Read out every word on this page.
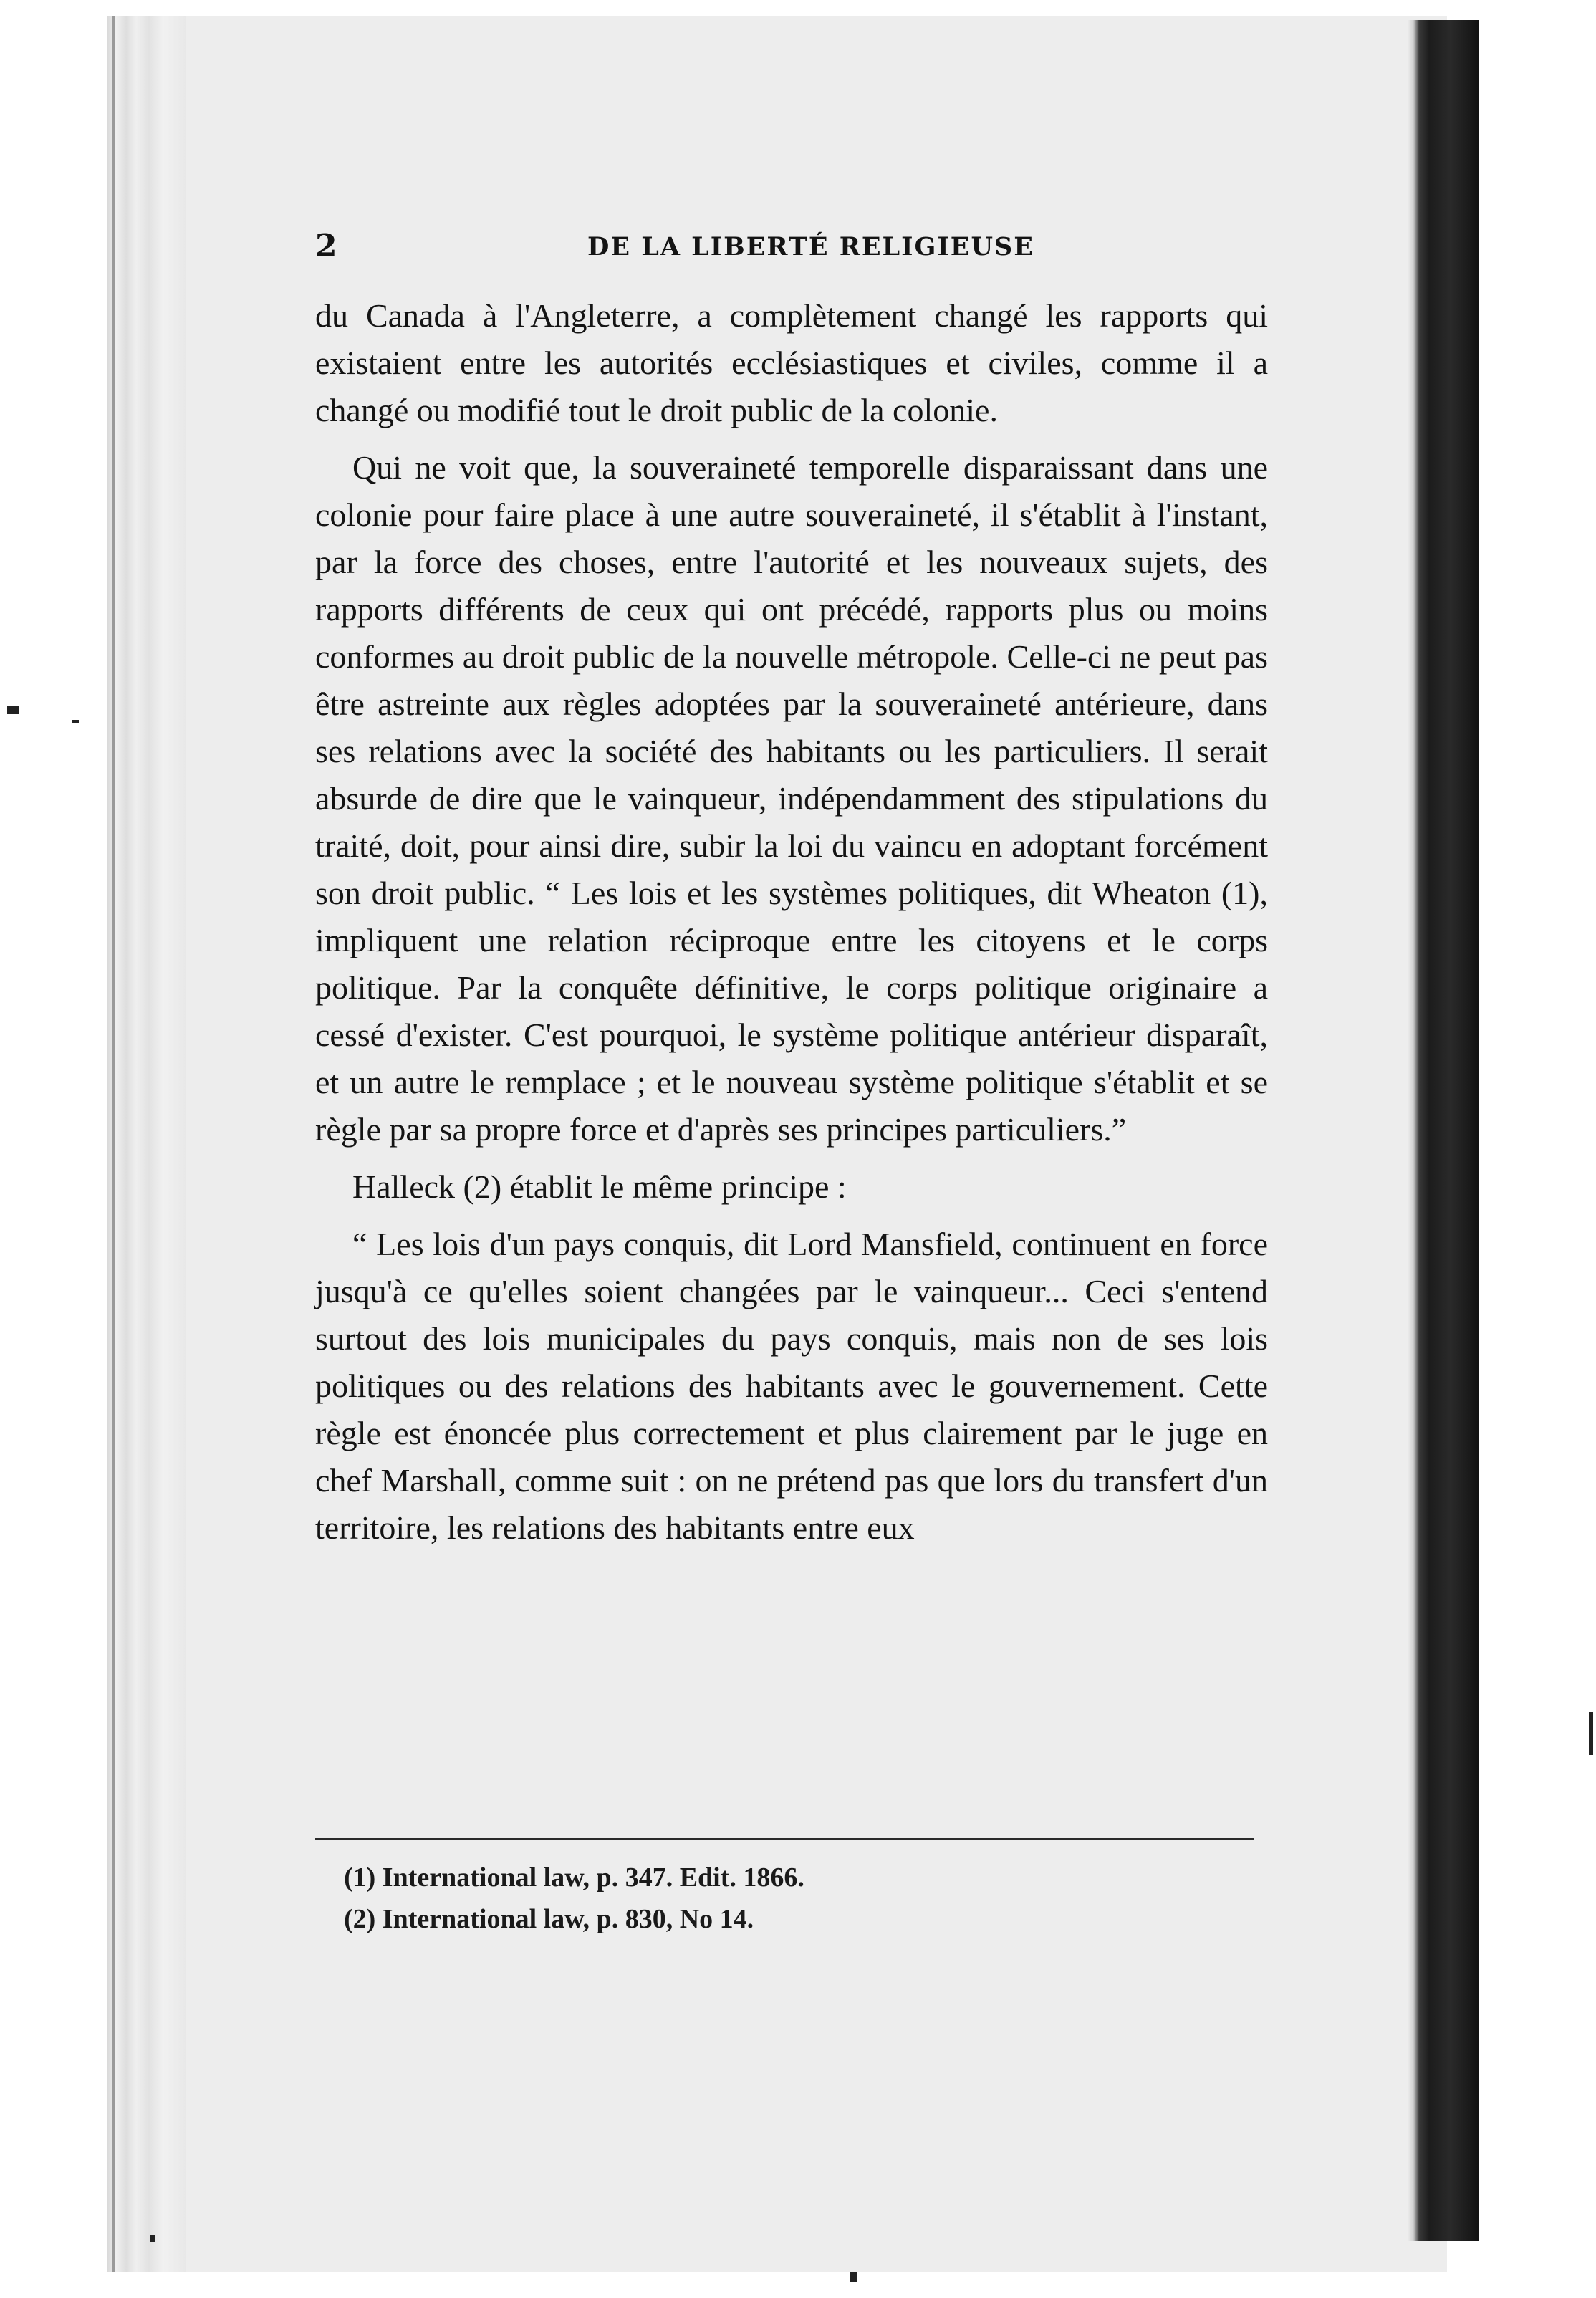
2	DE LA LIBERTÉ RELIGIEUSE

du Canada à l'Angleterre, a complètement changé les rapports qui existaient entre les autorités ecclésiastiques et civiles, comme il a changé ou modifié tout le droit public de la colonie.

Qui ne voit que, la souveraineté temporelle disparaissant dans une colonie pour faire place à une autre souveraineté, il s'établit à l'instant, par la force des choses, entre l'autorité et les nouveaux sujets, des rapports différents de ceux qui ont précédé, rapports plus ou moins conformes au droit public de la nouvelle métropole. Celle-ci ne peut pas être astreinte aux règles adoptées par la souveraineté antérieure, dans ses relations avec la société des habitants ou les particuliers. Il serait absurde de dire que le vainqueur, indépendamment des stipulations du traité, doit, pour ainsi dire, subir la loi du vaincu en adoptant forcément son droit public. “ Les lois et les systèmes politiques, dit Wheaton (1), impliquent une relation réciproque entre les citoyens et le corps politique. Par la conquête définitive, le corps politique originaire a cessé d'exister. C'est pourquoi, le système politique antérieur disparaît, et un autre le remplace ; et le nouveau système politique s'établit et se règle par sa propre force et d'après ses principes particuliers.”

Halleck (2) établit le même principe :

“ Les lois d'un pays conquis, dit Lord Mansfield, continuent en force jusqu'à ce qu'elles soient changées par le vainqueur... Ceci s'entend surtout des lois municipales du pays conquis, mais non de ses lois politiques ou des relations des habitants avec le gouvernement. Cette règle est énoncée plus correctement et plus clairement par le juge en chef Marshall, comme suit : on ne prétend pas que lors du transfert d'un territoire, les relations des habitants entre eux

(1) International law, p. 347. Edit. 1866.
(2) International law, p. 830, No 14.
